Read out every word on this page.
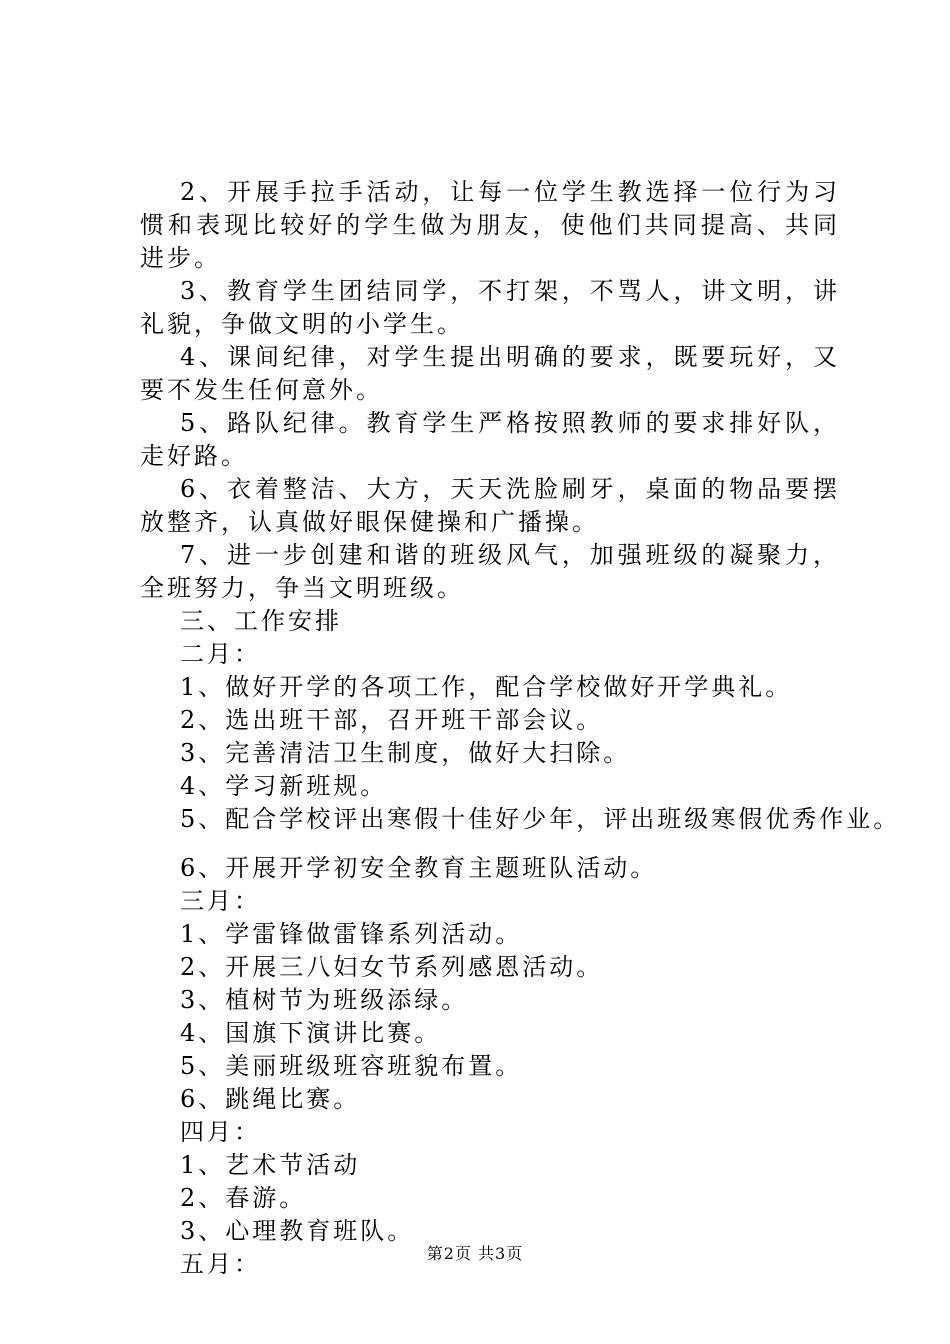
2、开展手拉手活动，让每一位学生教选择一位行为习惯和表现比较好的学生做为朋友，使他们共同提高、共同进步。

3、教育学生团结同学，不打架，不骂人，讲文明，讲礼貌，争做文明的小学生。

4、课间纪律，对学生提出明确的要求，既要玩好，又要不发生任何意外。

5、路队纪律。教育学生严格按照教师的要求排好队，走好路。

6、衣着整洁、大方，天天洗脸刷牙，桌面的物品要摆放整齐，认真做好眼保健操和广播操。

7、进一步创建和谐的班级风气，加强班级的凝聚力，全班努力，争当文明班级。

三、工作安排

二月：

1、做好开学的各项工作，配合学校做好开学典礼。

2、选出班干部，召开班干部会议。

3、完善清洁卫生制度，做好大扫除。

4、学习新班规。

5、配合学校评出寒假十佳好少年，评出班级寒假优秀作业。

6、开展开学初安全教育主题班队活动。

三月：

1、学雷锋做雷锋系列活动。

2、开展三八妇女节系列感恩活动。

3、植树节为班级添绿。

4、国旗下演讲比赛。

5、美丽班级班容班貌布置。

6、跳绳比赛。

四月：

1、艺术节活动

2、春游。

3、心理教育班队。

五月：	第2页 共3页
